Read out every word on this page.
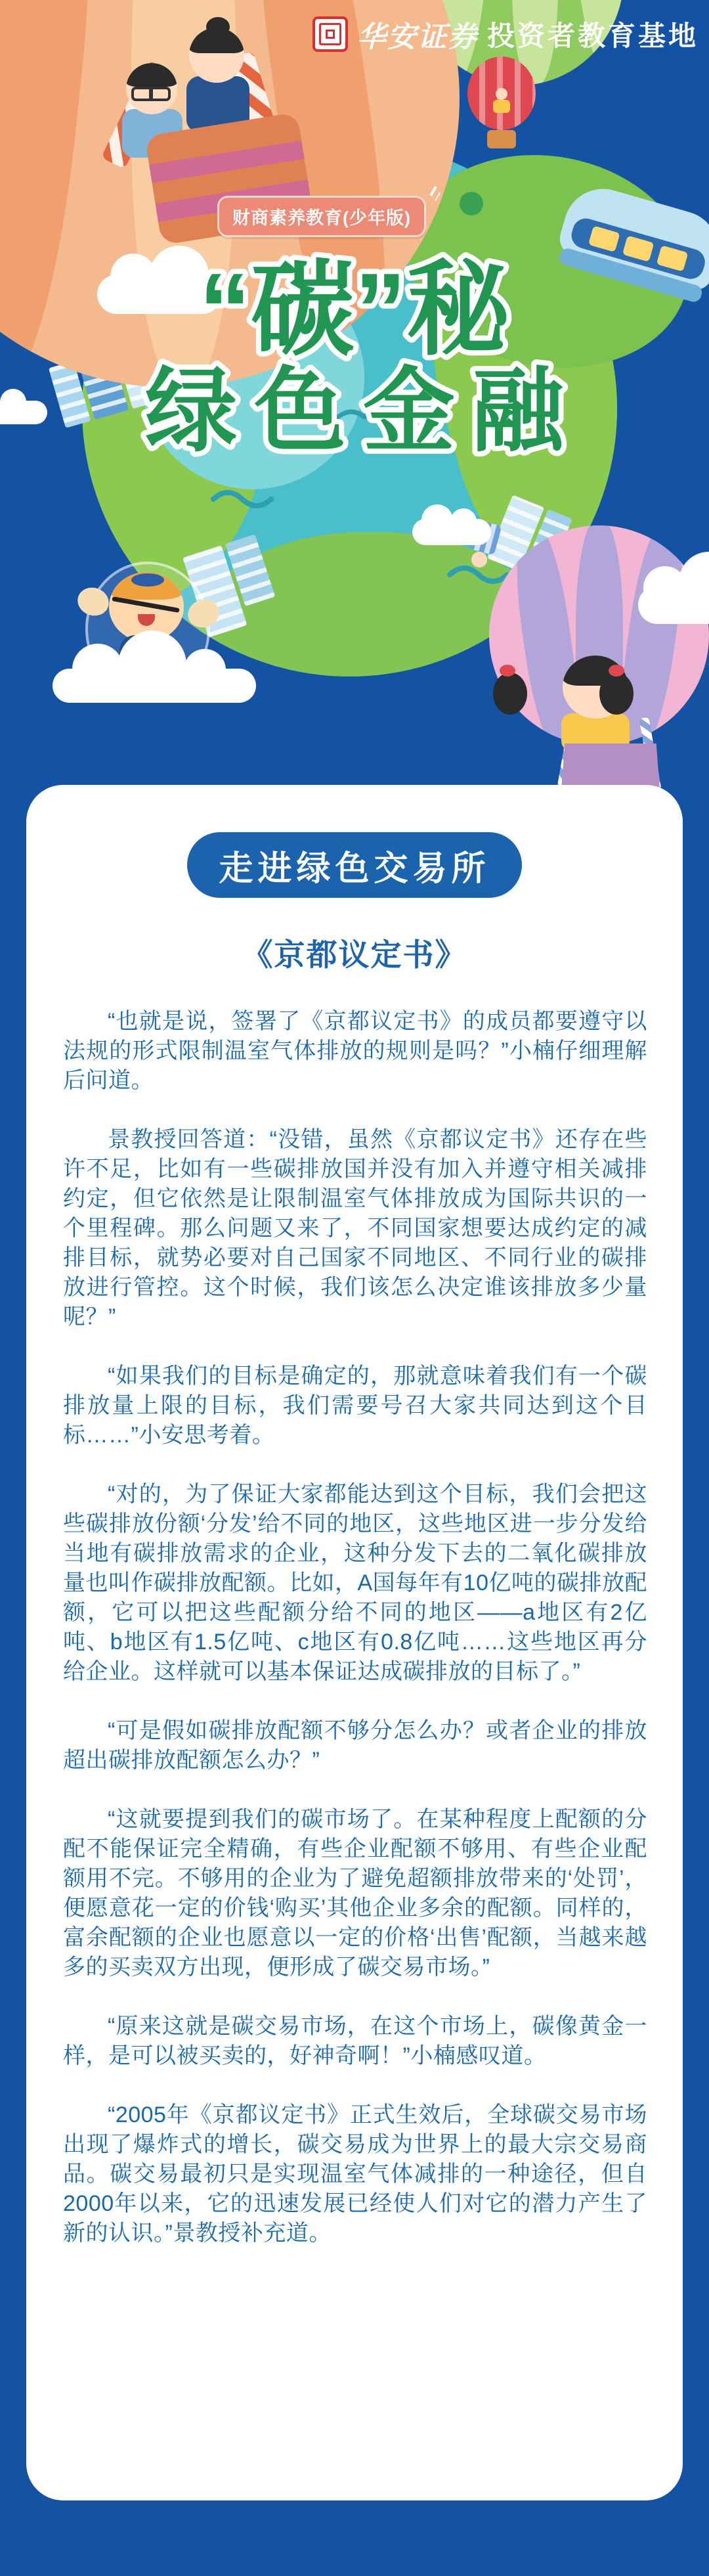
华安证券 投资者教育基地
财商素养教育(少年版)
“碳”秘
绿色金融
走进绿色交易所
《京都议定书》

“也就是说，签署了《京都议定书》的成员都要遵守以法规的形式限制温室气体排放的规则是吗？”小楠仔细理解后问道。

景教授回答道：“没错，虽然《京都议定书》还存在些许不足，比如有一些碳排放国并没有加入并遵守相关减排约定，但它依然是让限制温室气体排放成为国际共识的一个里程碑。那么问题又来了，不同国家想要达成约定的减排目标，就势必要对自己国家不同地区、不同行业的碳排放进行管控。这个时候，我们该怎么决定谁该排放多少量呢？”

“如果我们的目标是确定的，那就意味着我们有一个碳排放量上限的目标，我们需要号召大家共同达到这个目标……”小安思考着。

“对的，为了保证大家都能达到这个目标，我们会把这些碳排放份额‘分发’给不同的地区，这些地区进一步分发给当地有碳排放需求的企业，这种分发下去的二氧化碳排放量也叫作碳排放配额。比如，A国每年有10亿吨的碳排放配额，它可以把这些配额分给不同的地区——a地区有2亿吨、b地区有1.5亿吨、c地区有0.8亿吨……这些地区再分给企业。这样就可以基本保证达成碳排放的目标了。”

“可是假如碳排放配额不够分怎么办？或者企业的排放超出碳排放配额怎么办？”

“这就要提到我们的碳市场了。在某种程度上配额的分配不能保证完全精确，有些企业配额不够用、有些企业配额用不完。不够用的企业为了避免超额排放带来的‘处罚’，便愿意花一定的价钱‘购买’其他企业多余的配额。同样的，富余配额的企业也愿意以一定的价格‘出售’配额，当越来越多的买卖双方出现，便形成了碳交易市场。”

“原来这就是碳交易市场，在这个市场上，碳像黄金一样，是可以被买卖的，好神奇啊！”小楠感叹道。

“2005年《京都议定书》正式生效后，全球碳交易市场出现了爆炸式的增长，碳交易成为世界上的最大宗交易商品。碳交易最初只是实现温室气体减排的一种途径，但自 2000年以来，它的迅速发展已经使人们对它的潜力产生了新的认识。”景教授补充道。
